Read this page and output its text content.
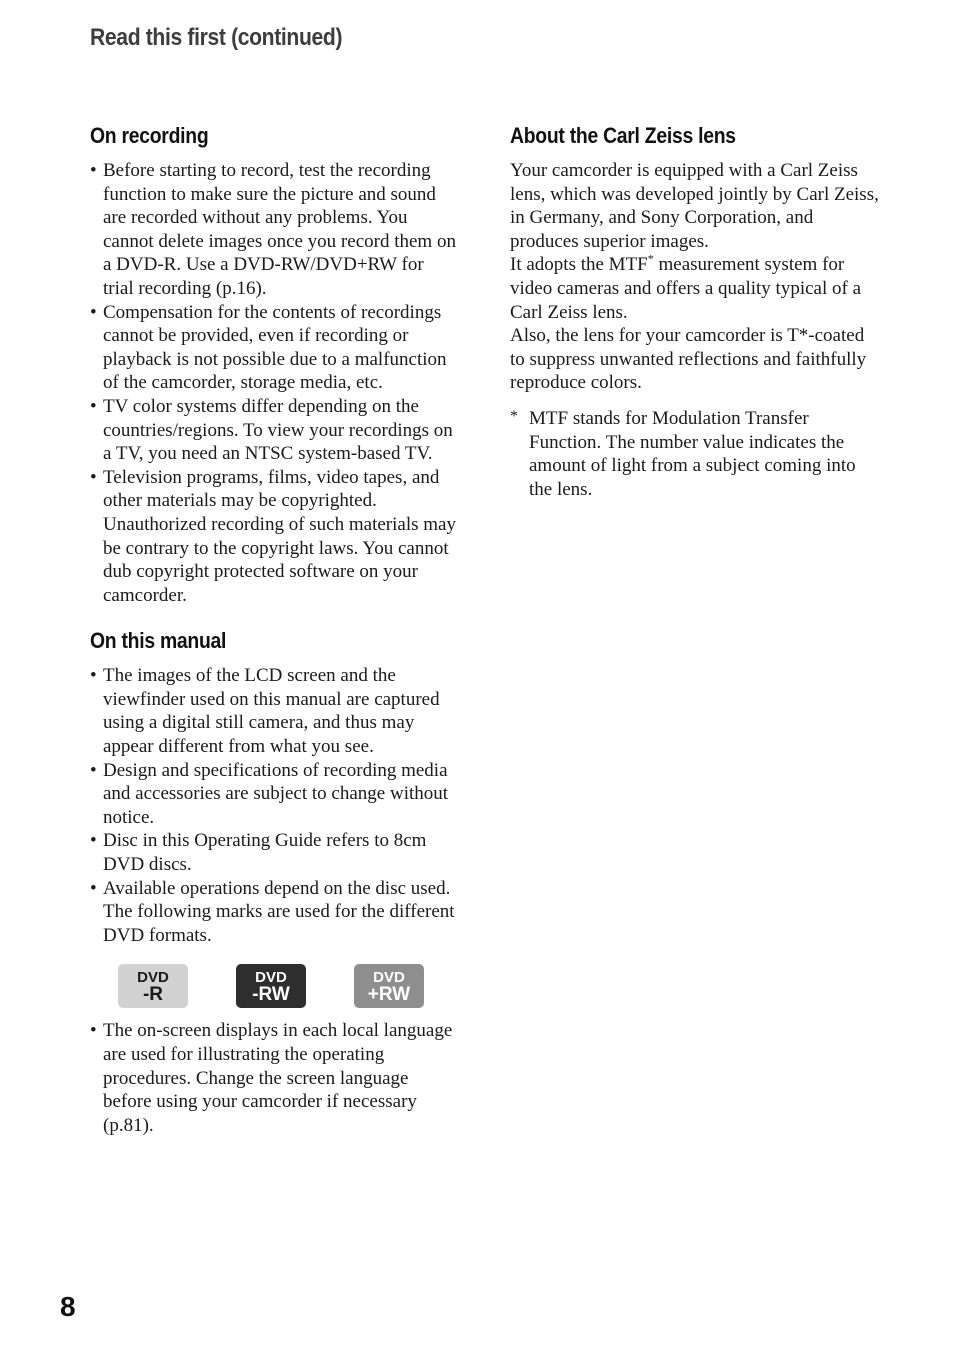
Read this first (continued)
On recording
• Before starting to record, test the recording function to make sure the picture and sound are recorded without any problems. You cannot delete images once you record them on a DVD-R. Use a DVD-RW/DVD+RW for trial recording (p.16).
• Compensation for the contents of recordings cannot be provided, even if recording or playback is not possible due to a malfunction of the camcorder, storage media, etc.
• TV color systems differ depending on the countries/regions. To view your recordings on a TV, you need an NTSC system-based TV.
• Television programs, films, video tapes, and other materials may be copyrighted. Unauthorized recording of such materials may be contrary to the copyright laws. You cannot dub copyright protected software on your camcorder.
On this manual
• The images of the LCD screen and the viewfinder used on this manual are captured using a digital still camera, and thus may appear different from what you see.
• Design and specifications of recording media and accessories are subject to change without notice.
• Disc in this Operating Guide refers to 8cm DVD discs.
• Available operations depend on the disc used. The following marks are used for the different DVD formats.
DVD
-R
DVD
-RW
DVD
+RW
• The on-screen displays in each local language are used for illustrating the operating procedures. Change the screen language before using your camcorder if necessary (p.81).
About the Carl Zeiss lens

Your camcorder is equipped with a Carl Zeiss lens, which was developed jointly by Carl Zeiss, in Germany, and Sony Corporation, and produces superior images.

It adopts the MTF* measurement system for video cameras and offers a quality typical of a Carl Zeiss lens.

Also, the lens for your camcorder is T*-coated to suppress unwanted reflections and faithfully reproduce colors.

* MTF stands for Modulation Transfer Function. The number value indicates the amount of light from a subject coming into the lens.
8
